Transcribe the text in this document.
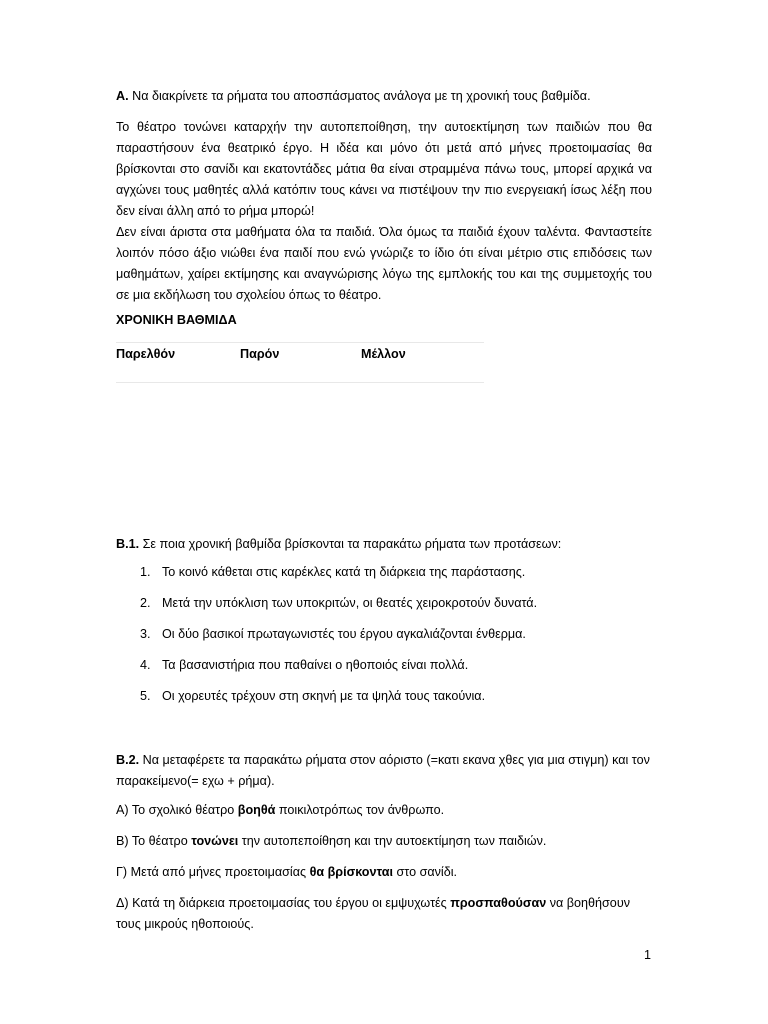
Α. Να διακρίνετε τα ρήματα του αποσπάσματος ανάλογα με τη χρονική τους βαθμίδα.
Το θέατρο τονώνει καταρχήν την αυτοπεποίθηση, την αυτοεκτίμηση των παιδιών που θα παραστήσουν ένα θεατρικό έργο. Η ιδέα και μόνο ότι μετά από μήνες προετοιμασίας θα βρίσκονται στο σανίδι και εκατοντάδες μάτια θα είναι στραμμένα πάνω τους, μπορεί αρχικά να αγχώνει τους μαθητές αλλά κατόπιν τους κάνει να πιστέψουν την πιο ενεργειακή ίσως λέξη που δεν είναι άλλη από το ρήμα μπορώ!
Δεν είναι άριστα στα μαθήματα όλα τα παιδιά. Όλα όμως τα παιδιά έχουν ταλέντα. Φανταστείτε λοιπόν πόσο άξιο νιώθει ένα παιδί που ενώ γνώριζε το ίδιο ότι είναι μέτριο στις επιδόσεις των μαθημάτων, χαίρει εκτίμησης και αναγνώρισης λόγω της εμπλοκής του και της συμμετοχής του σε μια εκδήλωση του σχολείου όπως το θέατρο.
ΧΡΟΝΙΚΗ ΒΑΘΜΙΔΑ
Παρελθόν	Παρόν	Μέλλον
Β.1. Σε ποια χρονική βαθμίδα βρίσκονται τα παρακάτω ρήματα των προτάσεων:
1. Το κοινό κάθεται στις καρέκλες κατά τη διάρκεια της παράστασης.
2. Μετά την υπόκλιση των υποκριτών, οι θεατές χειροκροτούν δυνατά.
3. Οι δύο βασικοί πρωταγωνιστές του έργου αγκαλιάζονται ένθερμα.
4. Τα βασανιστήρια που παθαίνει ο ηθοποιός είναι πολλά.
5. Οι χορευτές τρέχουν στη σκηνή με τα ψηλά τους τακούνια.
Β.2. Να μεταφέρετε τα παρακάτω ρήματα στον αόριστο (=κατι εκανα χθες για μια στιγμη) και τον παρακείμενο(= εχω + ρήμα).
Α) Το σχολικό θέατρο βοηθά ποικιλοτρόπως τον άνθρωπο.
Β) Το θέατρο τονώνει την αυτοπεποίθηση και την αυτοεκτίμηση των παιδιών.
Γ) Μετά από μήνες προετοιμασίας θα βρίσκονται στο σανίδι.
Δ) Κατά τη διάρκεια προετοιμασίας του έργου οι εμψυχωτές προσπαθούσαν να βοηθήσουν τους μικρούς ηθοποιούς.
1
